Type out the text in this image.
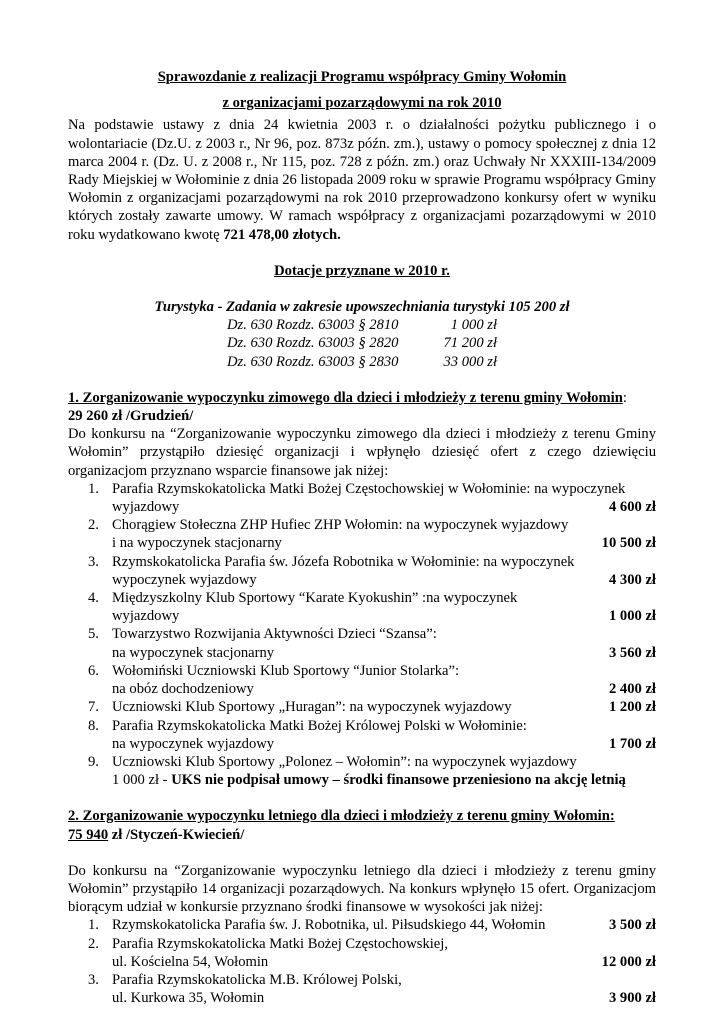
Sprawozdanie z realizacji Programu współpracy Gminy Wołomin
z organizacjami pozarządowymi na rok 2010
Na podstawie ustawy z dnia 24 kwietnia 2003 r. o działalności pożytku publicznego i o wolontariacie (Dz.U. z 2003 r., Nr 96, poz. 873z późn. zm.), ustawy o pomocy społecznej z dnia 12 marca 2004 r. (Dz. U. z 2008 r., Nr 115, poz. 728 z późn. zm.) oraz Uchwały Nr XXXIII-134/2009 Rady Miejskiej w Wołominie z dnia 26 listopada 2009 roku w sprawie Programu współpracy Gminy Wołomin z organizacjami pozarządowymi na rok 2010 przeprowadzono konkursy ofert w wyniku których zostały zawarte umowy. W ramach współpracy z organizacjami pozarządowymi w 2010 roku wydatkowano kwotę 721 478,00 złotych.
Dotacje przyznane w 2010 r.
Turystyka - Zadania w zakresie upowszechniania turystyki 105 200 zł
Dz. 630 Rozdz. 63003 § 2810	1 000 zł
Dz. 630 Rozdz. 63003 § 2820	71 200 zł
Dz. 630 Rozdz. 63003 § 2830	33 000 zł
1. Zorganizowanie wypoczynku zimowego dla dzieci i młodzieży z terenu gminy Wołomin:
29 260 zł /Grudzień/
Do konkursu na “Zorganizowanie wypoczynku zimowego dla dzieci i młodzieży z terenu Gminy Wołomin” przystąpiło dziesięć organizacji i wpłynęło dziesięć ofert z czego dziewięciu organizacjom przyznano wsparcie finansowe jak niżej:
1. Parafia Rzymskokatolicka Matki Bożej Częstochowskiej w Wołominie: na wypoczynek
wyjazdowy	4 600 zł
2. Chorągiew Stołeczna ZHP Hufiec ZHP Wołomin: na wypoczynek wyjazdowy
i na wypoczynek stacjonarny	10 500 zł
3. Rzymskokatolicka Parafia św. Józefa Robotnika w Wołominie: na wypoczynek
wypoczynek wyjazdowy	4 300 zł
4. Międzyszkolny Klub Sportowy “Karate Kyokushin” :na wypoczynek
wyjazdowy	1 000 zł
5. Towarzystwo Rozwijania Aktywności Dzieci “Szansa”:
na wypoczynek stacjonarny	3 560 zł
6. Wołomiński Uczniowski Klub Sportowy “Junior Stolarka”:
na obóz dochodzeniowy	2 400 zł
7. Uczniowski Klub Sportowy „Huragan”: na wypoczynek wyjazdowy	1 200 zł
8. Parafia Rzymskokatolicka Matki Bożej Królowej Polski w Wołominie:
na wypoczynek wyjazdowy	1 700 zł
9. Uczniowski Klub Sportowy „Polonez – Wołomin”: na wypoczynek wyjazdowy
1 000 zł - UKS nie podpisał umowy – środki finansowe przeniesiono na akcję letnią
2. Zorganizowanie wypoczynku letniego dla dzieci i młodzieży z terenu gminy Wołomin:
75 940 zł /Styczeń-Kwiecień/
Do konkursu na “Zorganizowanie wypoczynku letniego dla dzieci i młodzieży z terenu gminy Wołomin” przystąpiło 14 organizacji pozarządowych. Na konkurs wpłynęło 15 ofert. Organizacjom biorącym udział w konkursie przyznano środki finansowe w wysokości jak niżej:
1. Rzymskokatolicka Parafia św. J. Robotnika, ul. Piłsudskiego 44, Wołomin	3 500 zł
2. Parafia Rzymskokatolicka Matki Bożej Częstochowskiej,
ul. Kościelna 54, Wołomin	12 000 zł
3. Parafia Rzymskokatolicka M.B. Królowej Polski,
ul. Kurkowa 35, Wołomin	3 900 zł
